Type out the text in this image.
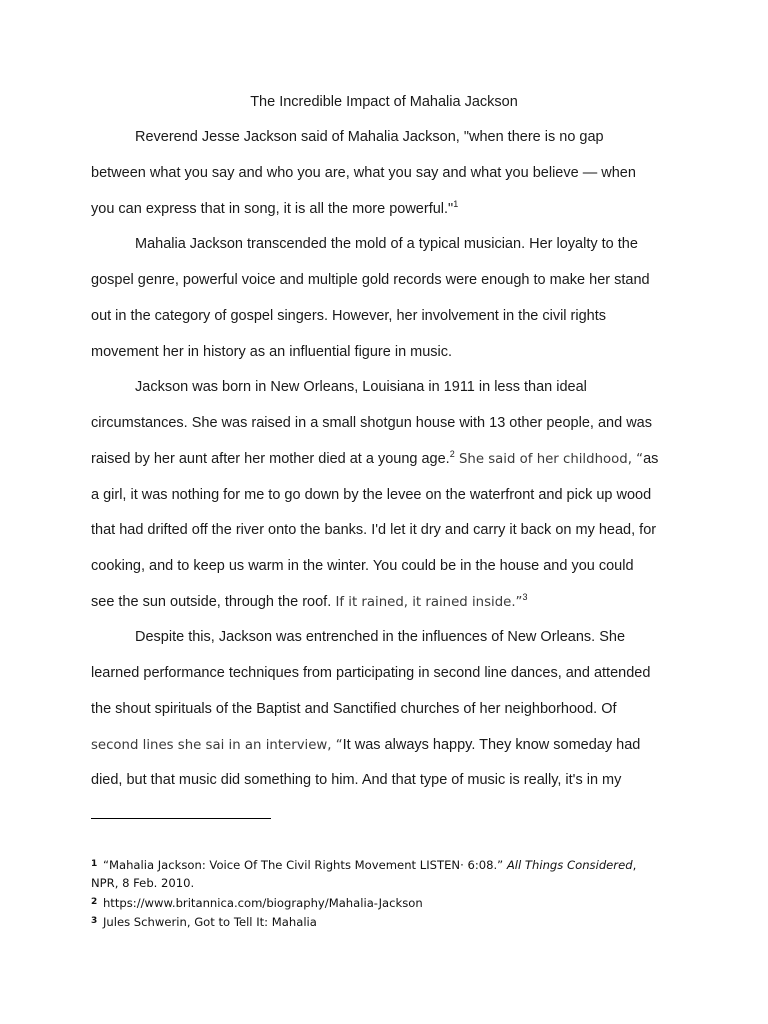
The Incredible Impact of Mahalia Jackson
Reverend Jesse Jackson said of Mahalia Jackson, "when there is no gap
between what you say and who you are, what you say and what you believe — when
you can express that in song, it is all the more powerful."$^1$
Mahalia Jackson transcended the mold of a typical musician. Her loyalty to the
gospel genre, powerful voice and multiple gold records were enough to make her stand
out in the category of gospel singers. However, her involvement in the civil rights
movement her in history as an influential figure in music.
Jackson was born in New Orleans, Louisiana in 1911 in less than ideal
circumstances. She was raised in a small shotgun house with 13 other people, and was
raised by her aunt after her mother died at a young age.$^2$ She said of her childhood, “as
a girl, it was nothing for me to go down by the levee on the waterfront and pick up wood
that had drifted off the river onto the banks. I'd let it dry and carry it back on my head, for
cooking, and to keep us warm in the winter. You could be in the house and you could
see the sun outside, through the roof. If it rained, it rained inside.”$^3$
Despite this, Jackson was entrenched in the influences of New Orleans. She
learned performance techniques from participating in second line dances, and attended
the shout spirituals of the Baptist and Sanctified churches of her neighborhood. Of
second lines she sai in an interview, “It was always happy. They know someday had
died, but that music did something to him. And that type of music is really, it's in my
$^1$ “Mahalia Jackson: Voice Of The Civil Rights Movement LISTEN· 6:08.” All Things Considered,
NPR, 8 Feb. 2010.
$^2$ https://www.britannica.com/biography/Mahalia-Jackson
$^3$ Jules Schwerin, Got to Tell It: Mahalia
